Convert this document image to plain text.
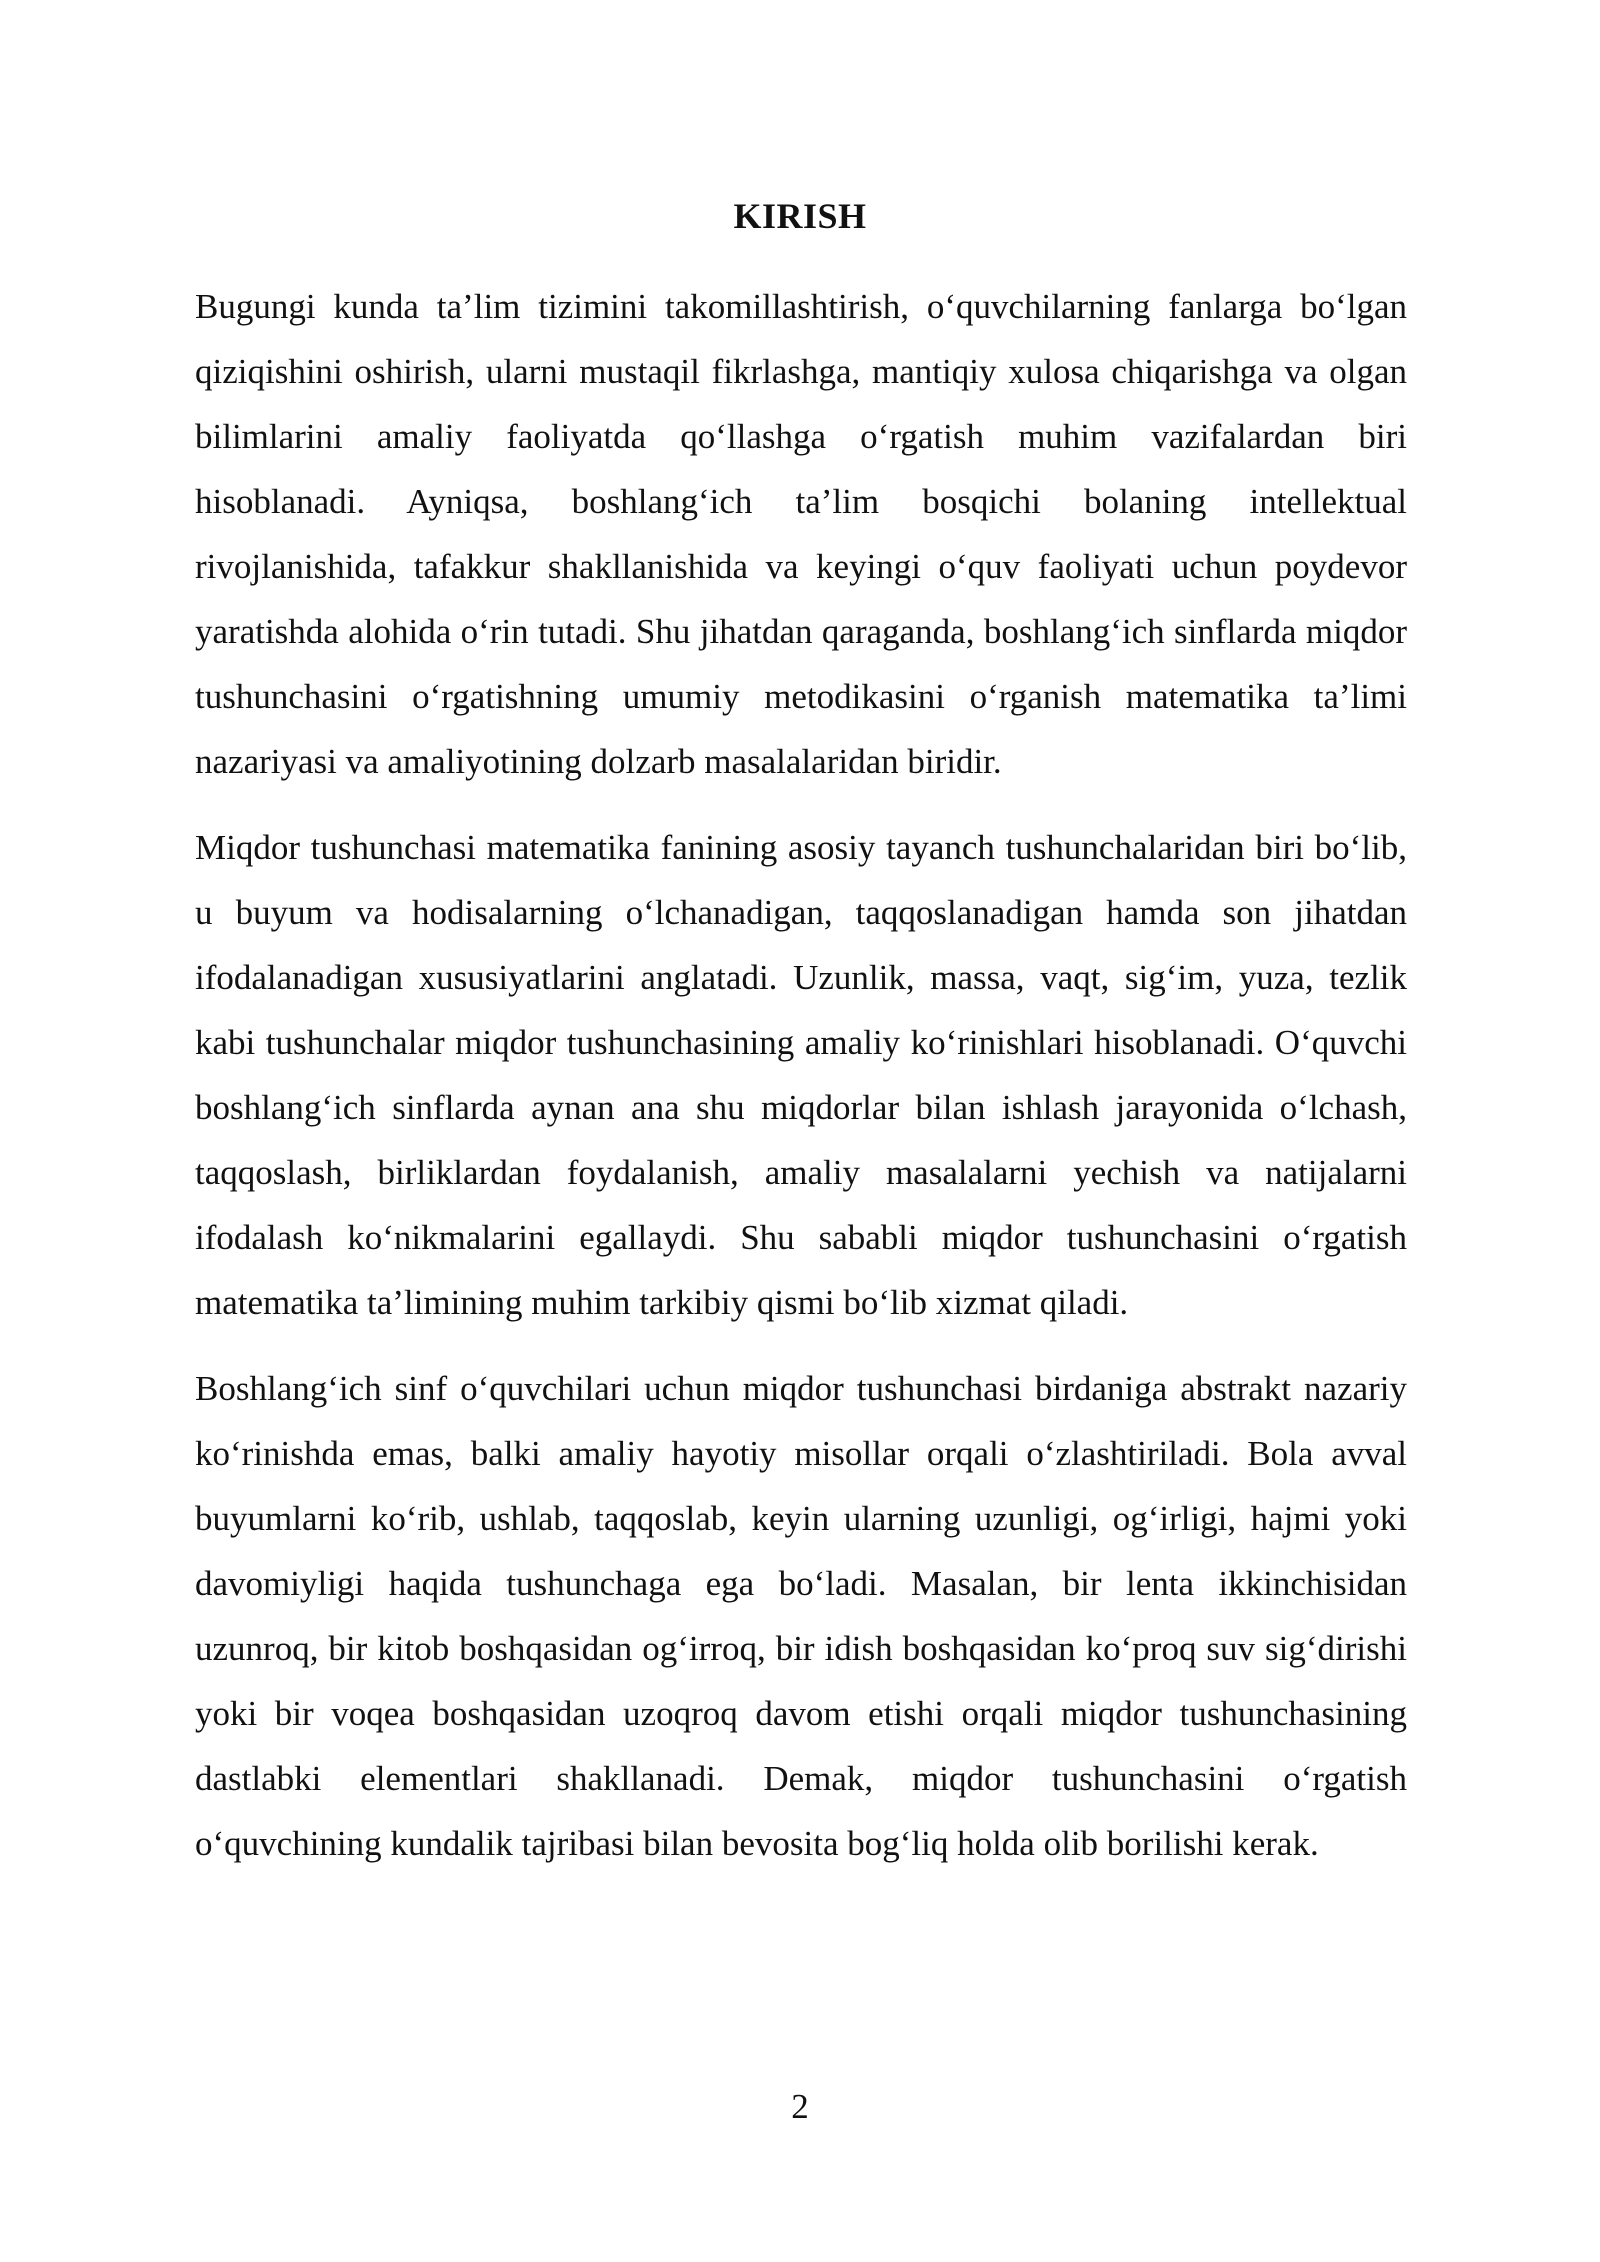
KIRISH

Bugungi kunda ta’lim tizimini takomillashtirish, o‘quvchilarning fanlarga bo‘lgan qiziqishini oshirish, ularni mustaqil fikrlashga, mantiqiy xulosa chiqarishga va olgan bilimlarini amaliy faoliyatda qo‘llashga o‘rgatish muhim vazifalardan biri hisoblanadi. Ayniqsa, boshlang‘ich ta’lim bosqichi bolaning intellektual rivojlanishida, tafakkur shakllanishida va keyingi o‘quv faoliyati uchun poydevor yaratishda alohida o‘rin tutadi. Shu jihatdan qaraganda, boshlang‘ich sinflarda miqdor tushunchasini o‘rgatishning umumiy metodikasini o‘rganish matematika ta’limi nazariyasi va amaliyotining dolzarb masalalaridan biridir.

Miqdor tushunchasi matematika fanining asosiy tayanch tushunchalaridan biri bo‘lib, u buyum va hodisalarning o‘lchanadigan, taqqoslanadigan hamda son jihatdan ifodalanadigan xususiyatlarini anglatadi. Uzunlik, massa, vaqt, sig‘im, yuza, tezlik kabi tushunchalar miqdor tushunchasining amaliy ko‘rinishlari hisoblanadi. O‘quvchi boshlang‘ich sinflarda aynan ana shu miqdorlar bilan ishlash jarayonida o‘lchash, taqqoslash, birliklardan foydalanish, amaliy masalalarni yechish va natijalarni ifodalash ko‘nikmalarini egallaydi. Shu sababli miqdor tushunchasini o‘rgatish matematika ta’limining muhim tarkibiy qismi bo‘lib xizmat qiladi.

Boshlang‘ich sinf o‘quvchilari uchun miqdor tushunchasi birdaniga abstrakt nazariy ko‘rinishda emas, balki amaliy hayotiy misollar orqali o‘zlashtiriladi. Bola avval buyumlarni ko‘rib, ushlab, taqqoslab, keyin ularning uzunligi, og‘irligi, hajmi yoki davomiyligi haqida tushunchaga ega bo‘ladi. Masalan, bir lenta ikkinchisidan uzunroq, bir kitob boshqasidan og‘irroq, bir idish boshqasidan ko‘proq suv sig‘dirishi yoki bir voqea boshqasidan uzoqroq davom etishi orqali miqdor tushunchasining dastlabki elementlari shakllanadi. Demak, miqdor tushunchasini o‘rgatish o‘quvchining kundalik tajribasi bilan bevosita bog‘liq holda olib borilishi kerak.

2
